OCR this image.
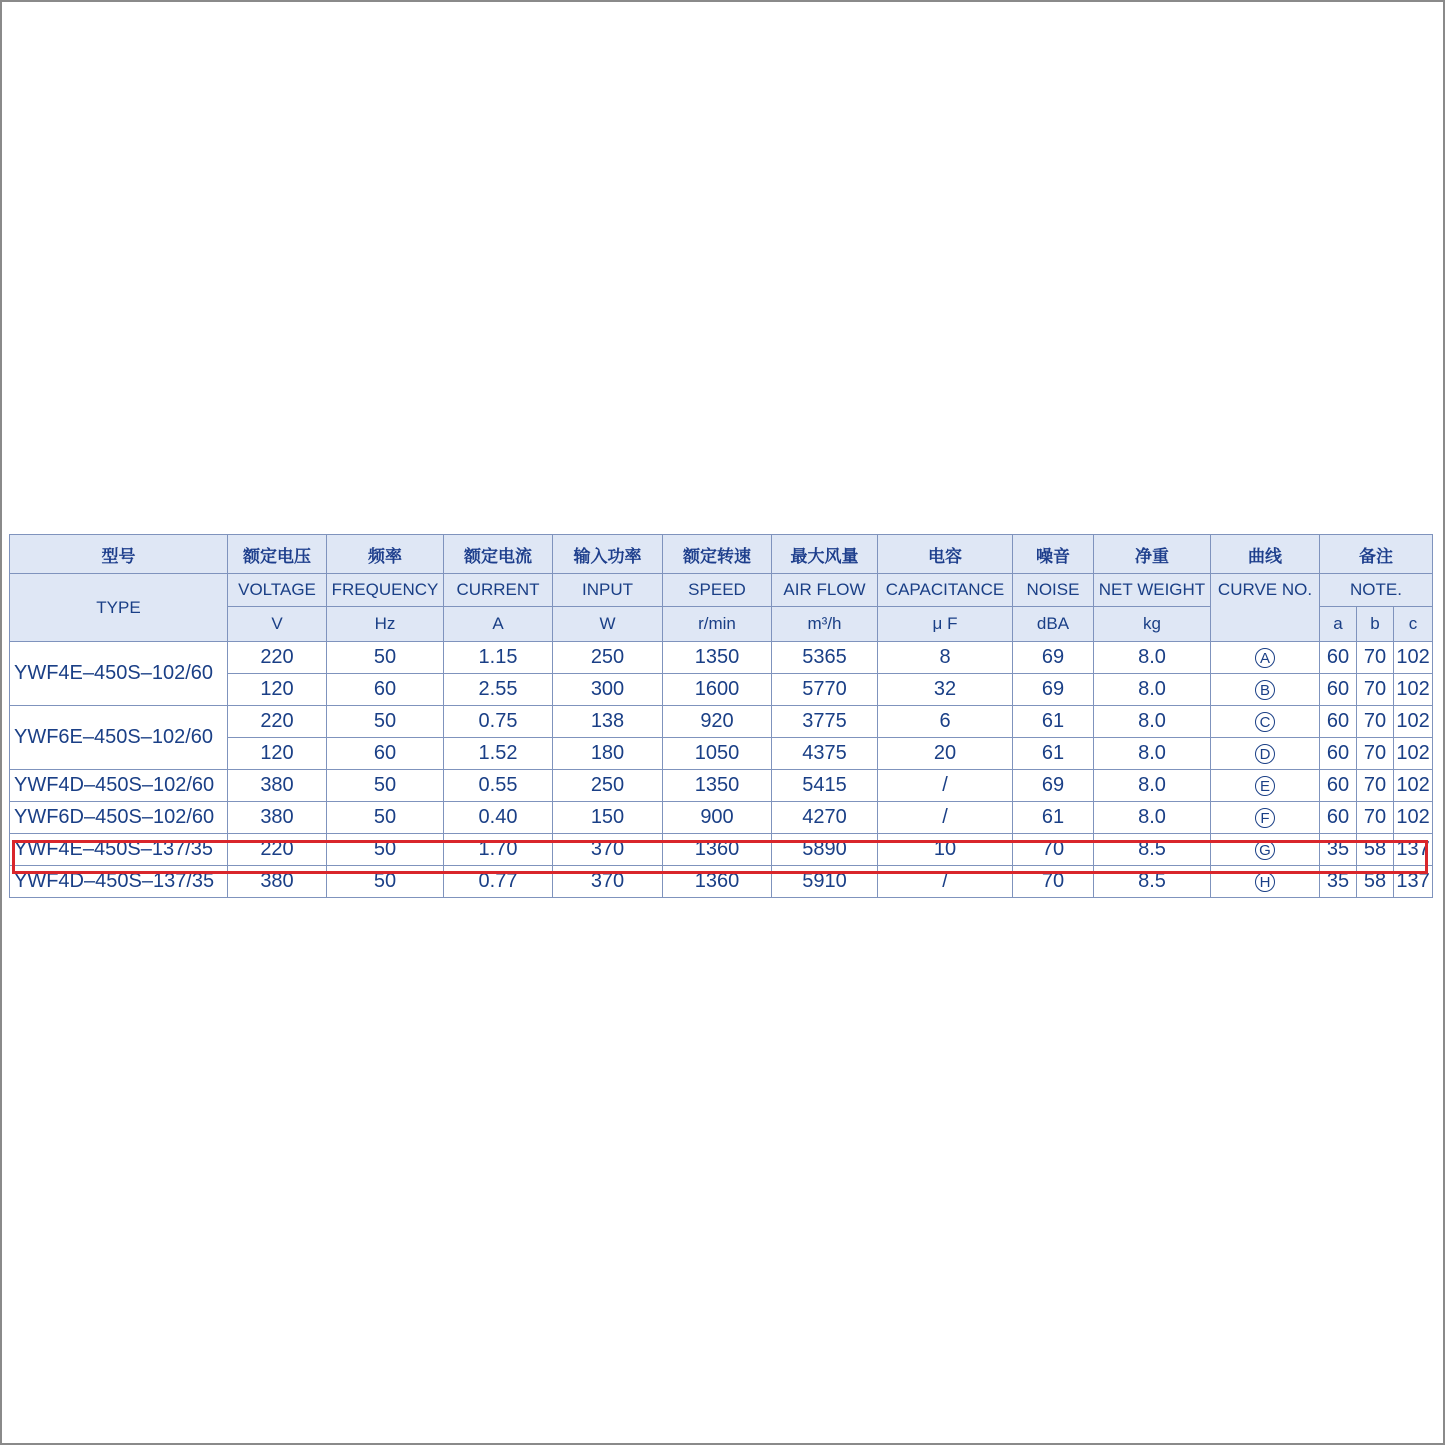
型号	额定电压	频率	额定电流	输入功率	额定转速	最大风量	电容	噪音	净重	曲线	备注		
TYPE	VOLTAGE	FREQUENCY	CURRENT	INPUT	SPEED	AIR FLOW	CAPACITANCE	NOISE	NET WEIGHT	CURVE NO.	NOTE.		
	V	Hz	A	W	r/min	m³/h	μ F	dBA	kg		a	b	c
YWF4E–450S–102/60	220	50	1.15	250	1350	5365	8	69	8.0	A	60	70	102
	120	60	2.55	300	1600	5770	32	69	8.0	B	60	70	102
YWF6E–450S–102/60	220	50	0.75	138	920	3775	6	61	8.0	C	60	70	102
	120	60	1.52	180	1050	4375	20	61	8.0	D	60	70	102
YWF4D–450S–102/60	380	50	0.55	250	1350	5415	/	69	8.0	E	60	70	102
YWF6D–450S–102/60	380	50	0.40	150	900	4270	/	61	8.0	F	60	70	102
YWF4E–450S–137/35	220	50	1.70	370	1360	5890	10	70	8.5	G	35	58	137
YWF4D–450S–137/35	380	50	0.77	370	1360	5910	/	70	8.5	H	35	58	137
